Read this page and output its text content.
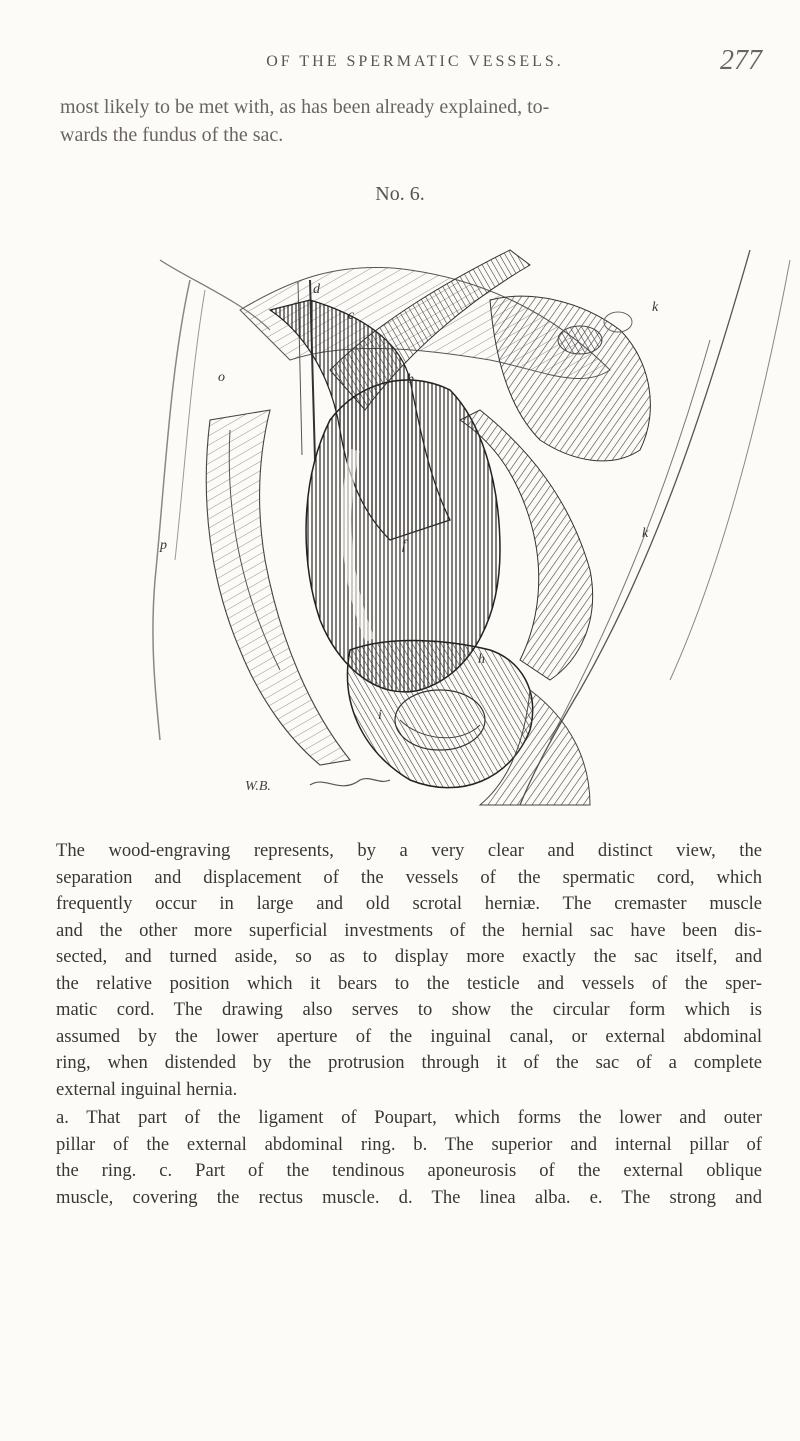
OF THE SPERMATIC VESSELS.	277
most likely to be met with, as has been already explained, to-
wards the fundus of the sac.
No. 6.
W.B.
d
c
o	b
p	f
k
h
i
k
The wood-engraving represents, by a very clear and distinct view, the
separation and displacement of the vessels of the spermatic cord, which
frequently occur in large and old scrotal herniæ. The cremaster muscle
and the other more superficial investments of the hernial sac have been dis-
sected, and turned aside, so as to display more exactly the sac itself, and
the relative position which it bears to the testicle and vessels of the sper-
matic cord. The drawing also serves to show the circular form which is
assumed by the lower aperture of the inguinal canal, or external abdominal
ring, when distended by the protrusion through it of the sac of a complete
external inguinal hernia.
a. That part of the ligament of Poupart, which forms the lower and outer
pillar of the external abdominal ring. b. The superior and internal pillar of
the ring. c. Part of the tendinous aponeurosis of the external oblique
muscle, covering the rectus muscle. d. The linea alba. e. The strong and
